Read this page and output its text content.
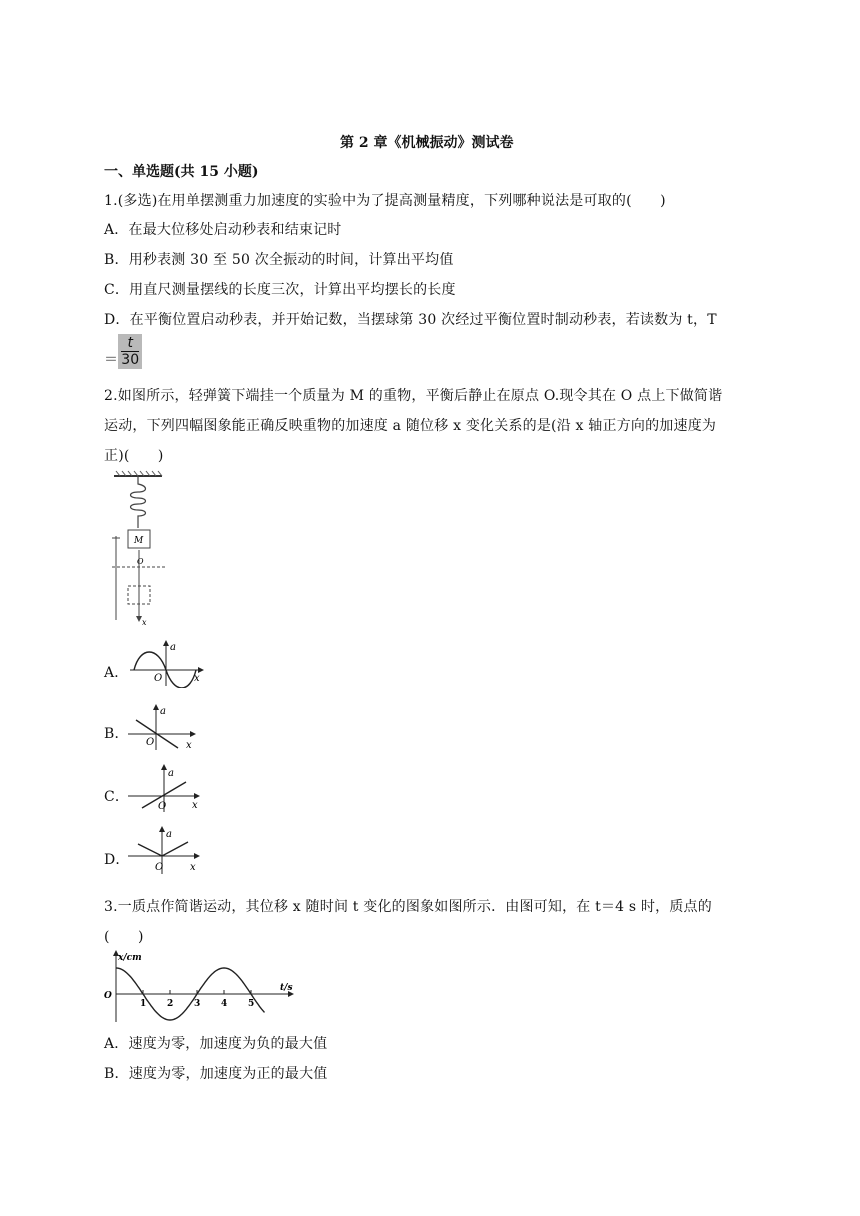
第 2 章《机械振动》测试卷
一、单选题(共 15 小题)
1.(多选)在用单摆测重力加速度的实验中为了提高测量精度，下列哪种说法是可取的(　　)
A．在最大位移处启动秒表和结束记时
B．用秒表测 30 至 50 次全振动的时间，计算出平均值
C．用直尺测量摆线的长度三次，计算出平均摆长的长度
D．在平衡位置启动秒表，并开始记数，当摆球第 30 次经过平衡位置时制动秒表，若读数为 t，T
＝ $\frac{t}{30}$
2.如图所示，轻弹簧下端挂一个质量为 M 的重物，平衡后静止在原点 O.现令其在 O 点上下做简谐
运动，下列四幅图象能正确反映重物的加速度 a 随位移 x 变化关系的是(沿 x 轴正方向的加速度为
正)(　　)
M
O
x
A．
a
O	x
B．
a
O	x
C．
a
O	x
D．
a
O	x
3.一质点作简谐运动，其位移 x 随时间 t 变化的图象如图所示．由图可知，在 t＝4 s 时，质点的
(　　)
x/cm
t/s
O
1 2 3 4 5
A．速度为零，加速度为负的最大值
B．速度为零，加速度为正的最大值
